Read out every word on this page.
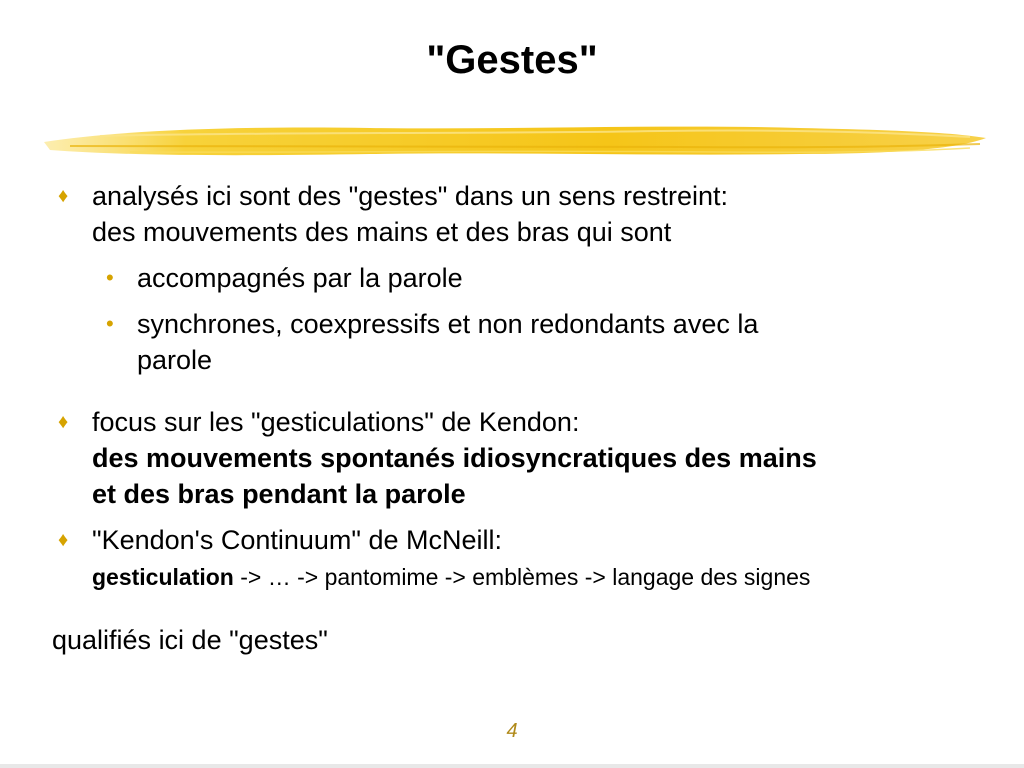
"Gestes"
♦ analysés ici sont des "gestes" dans un sens restreint:
des mouvements des mains et des bras qui sont
• accompagnés par la parole
• synchrones, coexpressifs et non redondants avec la
parole
♦ focus sur les "gesticulations" de Kendon:
des mouvements spontanés idiosyncratiques des mains
et des bras pendant la parole
♦ "Kendon's Continuum" de McNeill:
gesticulation -> … -> pantomime -> emblèmes -> langage des signes
qualifiés ici de "gestes"
4
